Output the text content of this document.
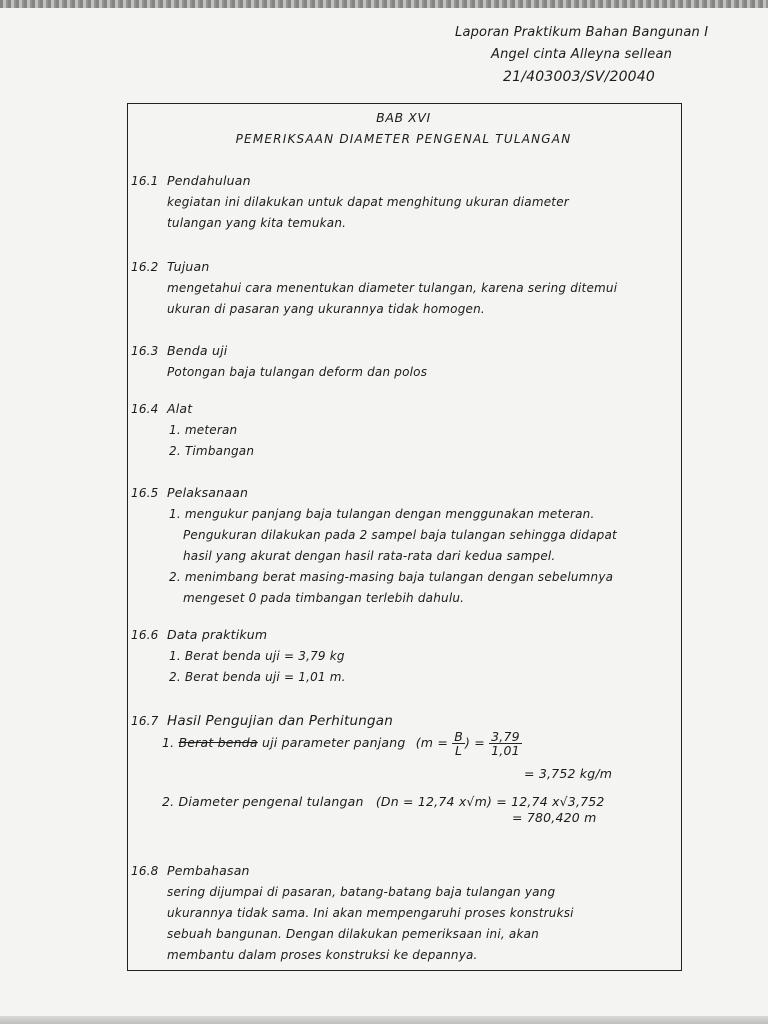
Laporan Praktikum Bahan Bangunan I
Angel cinta Alleyna sellean
21/403003/SV/20040
BAB XVI
PEMERIKSAAN DIAMETER PENGENAL TULANGAN
16.1 Pendahuluan
kegiatan ini dilakukan untuk dapat menghitung ukuran diameter
tulangan yang kita temukan.
16.2 Tujuan
mengetahui cara menentukan diameter tulangan, karena sering ditemui
ukuran di pasaran yang ukurannya tidak homogen.
16.3 Benda uji
Potongan baja tulangan deform dan polos
16.4 Alat
1. meteran
2. Timbangan
16.5 Pelaksanaan
1. mengukur panjang baja tulangan dengan menggunakan meteran.
Pengukuran dilakukan pada 2 sampel baja tulangan sehingga didapat
hasil yang akurat dengan hasil rata-rata dari kedua sampel.
2. menimbang berat masing-masing baja tulangan dengan sebelumnya
mengeset 0 pada timbangan terlebih dahulu.
16.6 Data praktikum
1. Berat benda uji = 3,79 kg
2. Berat benda uji = 1,01 m.
16.7 Hasil Pengujian dan Perhitungan
1. Berat benda uji parameter panjang ($m = \frac{B}{L}$ ) = $\frac{3,79}{1,01}$
= 3,752 kg/m
2. Diameter pengenal tulangan (Dn = 12,74 x√m) = 12,74 x√3,752
= 780,420 m
16.8 Pembahasan
sering dijumpai di pasaran, batang-batang baja tulangan yang
ukurannya tidak sama. Ini akan mempengaruhi proses konstruksi
sebuah bangunan. Dengan dilakukan pemeriksaan ini, akan
membantu dalam proses konstruksi ke depannya.
